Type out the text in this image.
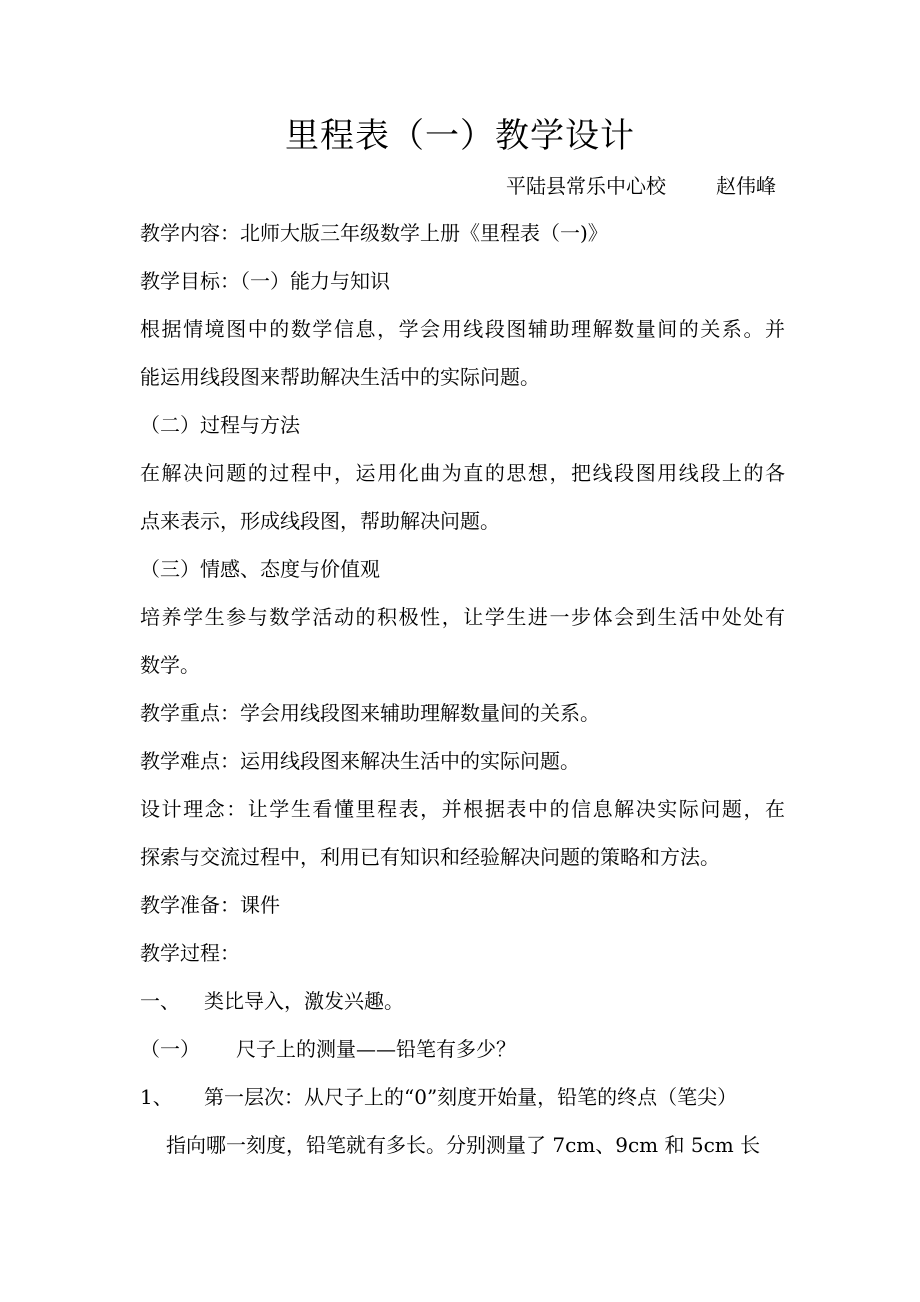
里程表（一）教学设计
平陆县常乐中心校	赵伟峰
教学内容：北师大版三年级数学上册《里程表（一)》
教学目标：（一）能力与知识
根据情境图中的数学信息，学会用线段图辅助理解数量间的关系。并
能运用线段图来帮助解决生活中的实际问题。
（二）过程与方法
在解决问题的过程中，运用化曲为直的思想，把线段图用线段上的各
点来表示，形成线段图，帮助解决问题。
（三）情感、态度与价值观
培养学生参与数学活动的积极性，让学生进一步体会到生活中处处有
数学。
教学重点：学会用线段图来辅助理解数量间的关系。
教学难点：运用线段图来解决生活中的实际问题。
设计理念：让学生看懂里程表，并根据表中的信息解决实际问题，在
探索与交流过程中，利用已有知识和经验解决问题的策略和方法。
教学准备：课件
教学过程：
一、 类比导入，激发兴趣。
（一） 尺子上的测量——铅笔有多少？
1、 第一层次：从尺子上的“0”刻度开始量，铅笔的终点（笔尖）
指向哪一刻度，铅笔就有多长。分别测量了 7cm、9cm 和 5cm 长
